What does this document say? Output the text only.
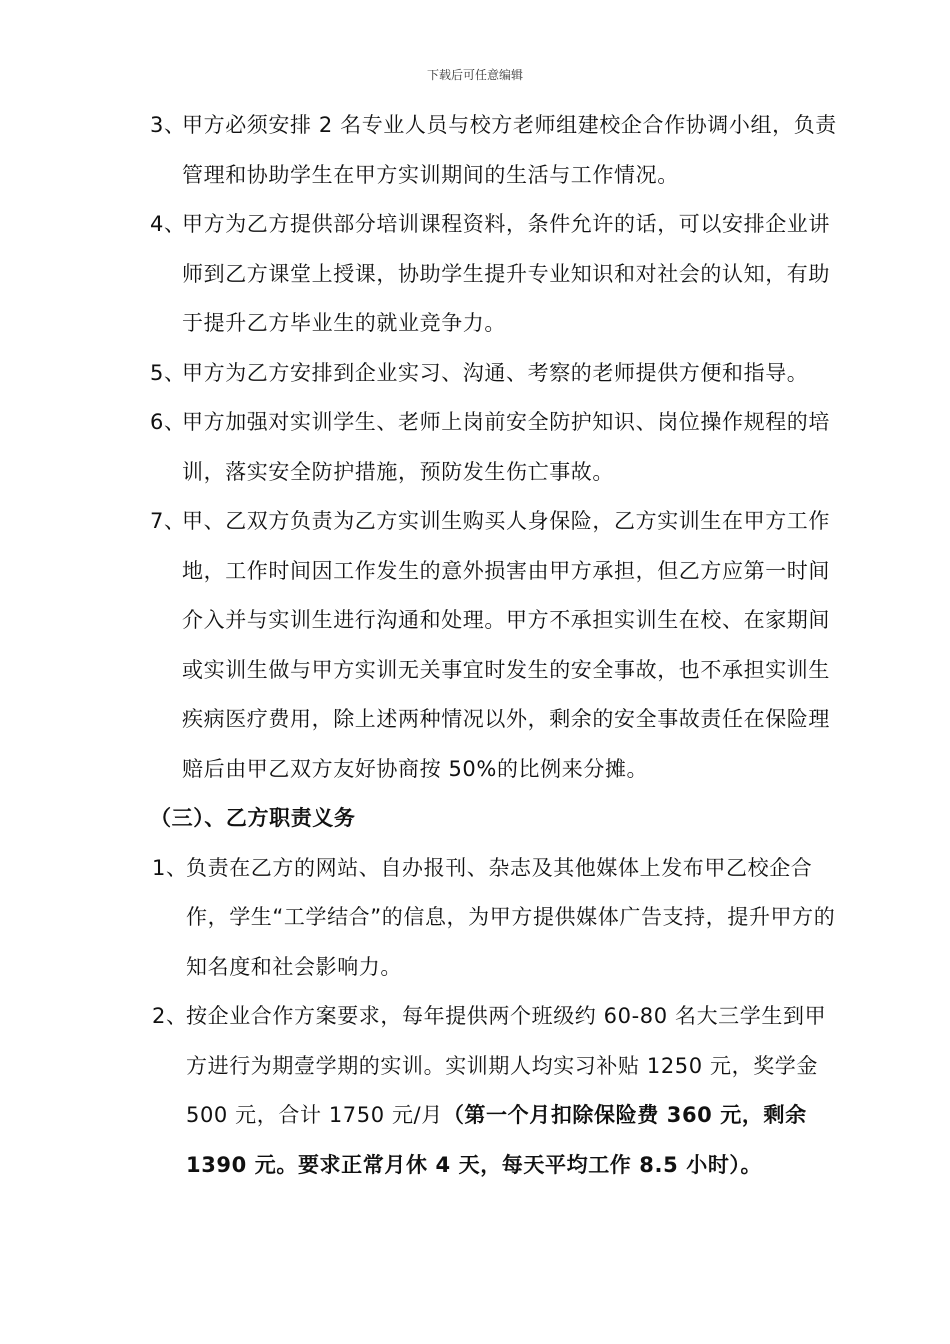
下载后可任意编辑
3、
甲方必须安排 2 名专业人员与校方老师组建校企合作协调小组，负责管理和协助学生在甲方实训期间的生活与工作情况。
4、
甲方为乙方提供部分培训课程资料，条件允许的话，可以安排企业讲师到乙方课堂上授课，协助学生提升专业知识和对社会的认知，有助于提升乙方毕业生的就业竞争力。
5、
甲方为乙方安排到企业实习、沟通、考察的老师提供方便和指导。
6、
甲方加强对实训学生、老师上岗前安全防护知识、岗位操作规程的培训，落实安全防护措施，预防发生伤亡事故。
7、
甲、乙双方负责为乙方实训生购买人身保险，乙方实训生在甲方工作地，工作时间因工作发生的意外损害由甲方承担，但乙方应第一时间介入并与实训生进行沟通和处理。甲方不承担实训生在校、在家期间或实训生做与甲方实训无关事宜时发生的安全事故，也不承担实训生疾病医疗费用，除上述两种情况以外，剩余的安全事故责任在保险理赔后由甲乙双方友好协商按 50%的比例来分摊。
（三）、乙方职责义务
1、
负责在乙方的网站、自办报刊、杂志及其他媒体上发布甲乙校企合作，学生“工学结合”的信息，为甲方提供媒体广告支持，提升甲方的知名度和社会影响力。
2、
按企业合作方案要求，每年提供两个班级约 60-80 名大三学生到甲方进行为期壹学期的实训。实训期人均实习补贴 1250 元，奖学金 500 元，合计 1750 元/月（第一个月扣除保险费 360 元，剩余 1390 元。要求正常月休 4 天，每天平均工作 8.5 小时）。
